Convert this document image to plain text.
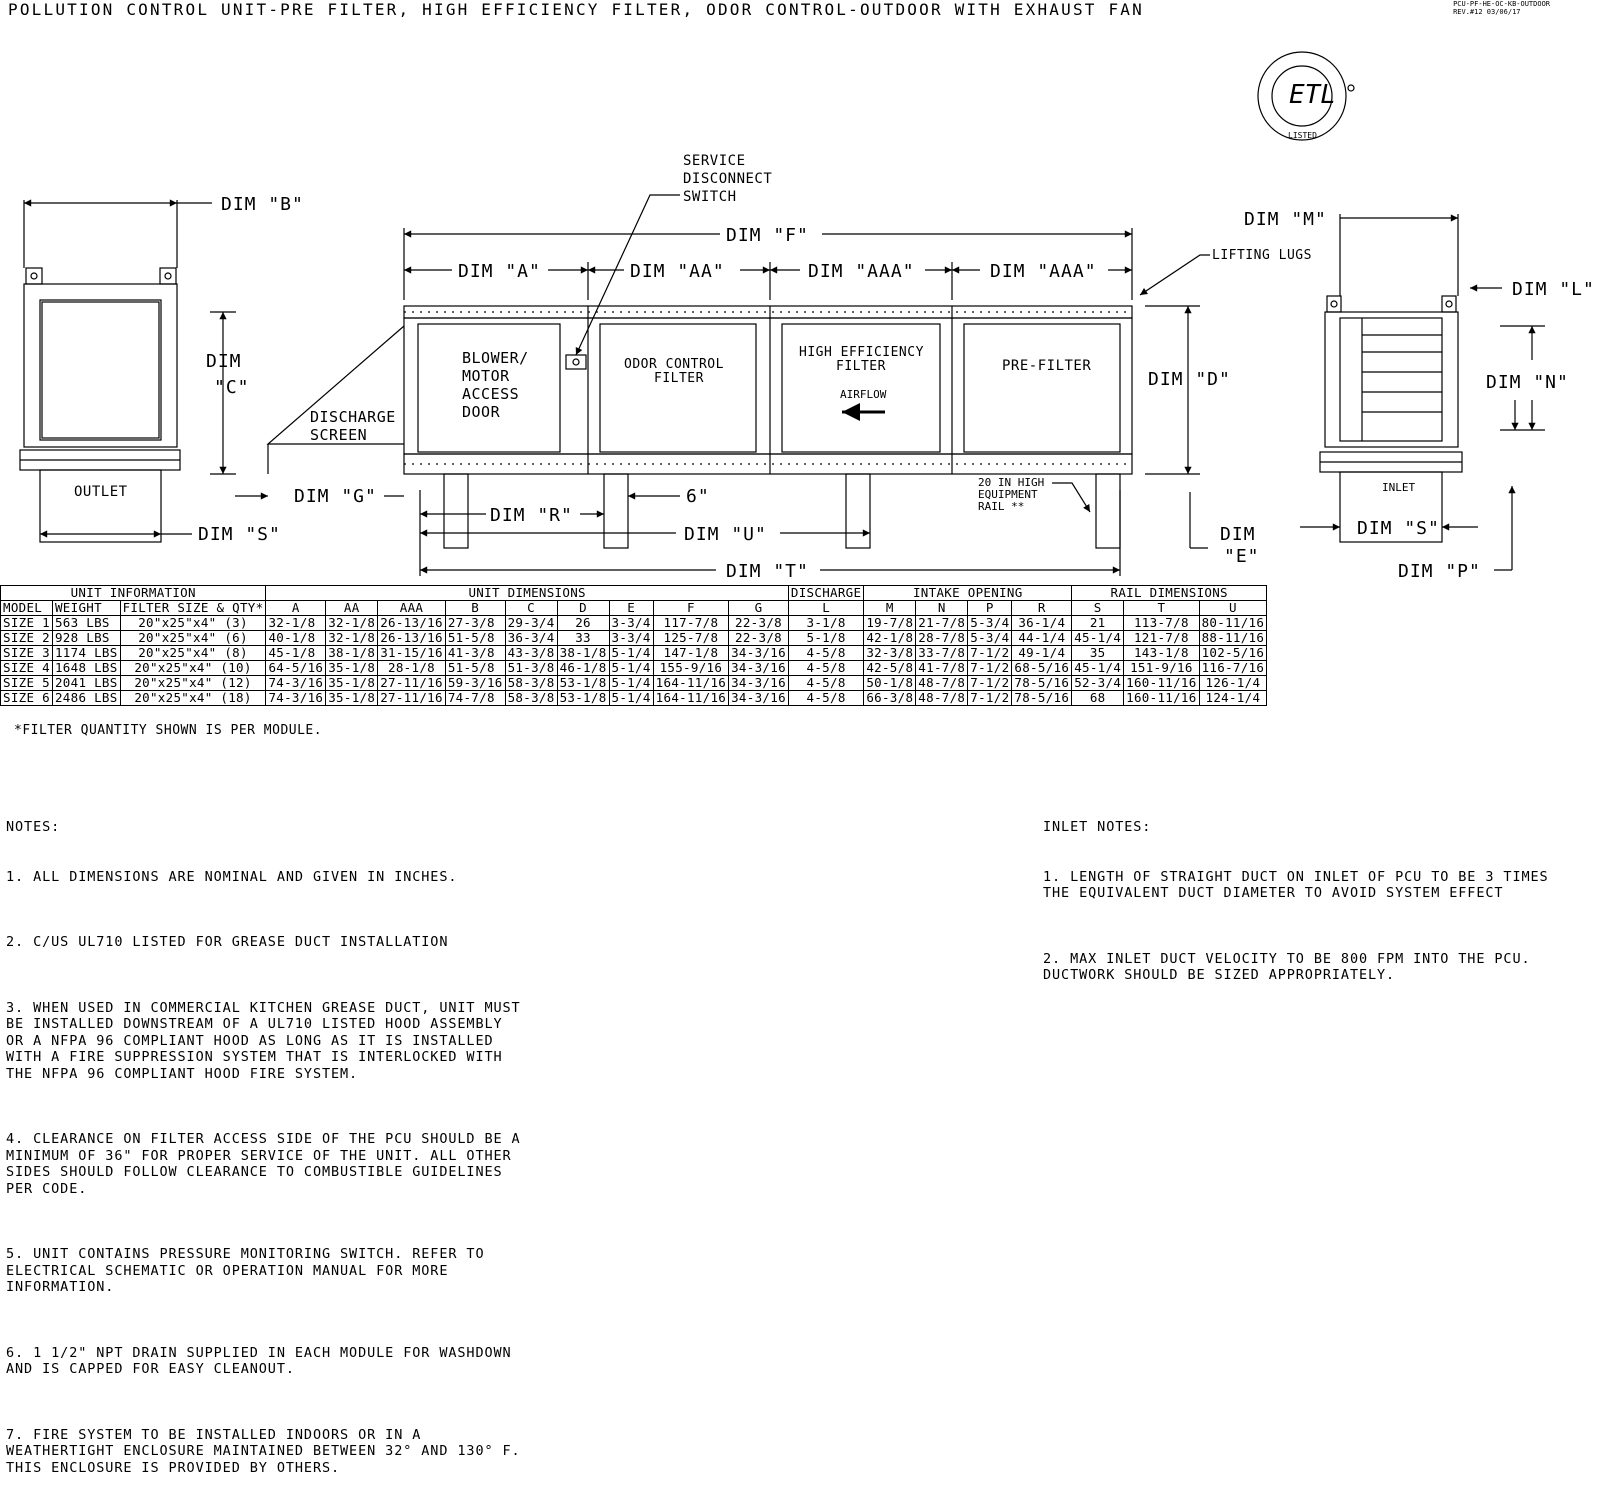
POLLUTION CONTROL UNIT-PRE FILTER, HIGH EFFICIENCY FILTER, ODOR CONTROL-OUTDOOR WITH EXHAUST FAN	PCU-PF-HE-OC-KB-OUTDOOR
REV.#12 03/06/17
ETL
LISTED
DIM "B"
DIM
"C"
DIM "S"
OUTLET
SERVICE
DISCONNECT
SWITCH
DIM "F"
DIM "A"	DIM "AA"	DIM "AAA"	DIM "AAA"
LIFTING LUGS
BLOWER/
MOTOR
ACCESS
DOOR
ODOR CONTROL
FILTER
HIGH EFFICIENCY
FILTER
AIRFLOW
PRE-FILTER
DISCHARGE
SCREEN
DIM "D"
20 IN HIGH
EQUIPMENT
RAIL **
DIM "G"
DIM "R"
6"
DIM "U"
DIM "T"
DIM
"E"
DIM "M"
DIM "L"
DIM "N"
DIM "S"
DIM "P"
INLET
UNIT INFORMATION			UNIT DIMENSIONS									DISCHARGE	INTAKE OPENING				RAIL DIMENSIONS		
MODEL	WEIGHT	FILTER SIZE & QTY*	A	AA	AAA	B	C	D	E	F	G	L	M	N	P	R	S	T	U
SIZE 1	563 LBS	20"x25"x4" (3)	32-1/8	32-1/8	26-13/16	27-3/8	29-3/4	26	3-3/4	117-7/8	22-3/8	3-1/8	19-7/8	21-7/8	5-3/4	36-1/4	21	113-7/8	80-11/16
SIZE 2	928 LBS	20"x25"x4" (6)	40-1/8	32-1/8	26-13/16	51-5/8	36-3/4	33	3-3/4	125-7/8	22-3/8	5-1/8	42-1/8	28-7/8	5-3/4	44-1/4	45-1/4	121-7/8	88-11/16
SIZE 3	1174 LBS	20"x25"x4" (8)	45-1/8	38-1/8	31-15/16	41-3/8	43-3/8	38-1/8	5-1/4	147-1/8	34-3/16	4-5/8	32-3/8	33-7/8	7-1/2	49-1/4	35	143-1/8	102-5/16
SIZE 4	1648 LBS	20"x25"x4" (10)	64-5/16	35-1/8	28-1/8	51-5/8	51-3/8	46-1/8	5-1/4	155-9/16	34-3/16	4-5/8	42-5/8	41-7/8	7-1/2	68-5/16	45-1/4	151-9/16	116-7/16
SIZE 5	2041 LBS	20"x25"x4" (12)	74-3/16	35-1/8	27-11/16	59-3/16	58-3/8	53-1/8	5-1/4	164-11/16	34-3/16	4-5/8	50-1/8	48-7/8	7-1/2	78-5/16	52-3/4	160-11/16	126-1/4
SIZE 6	2486 LBS	20"x25"x4" (18)	74-3/16	35-1/8	27-11/16	74-7/8	58-3/8	53-1/8	5-1/4	164-11/16	34-3/16	4-5/8	66-3/8	48-7/8	7-1/2	78-5/16	68	160-11/16	124-1/4
*FILTER QUANTITY SHOWN IS PER MODULE.

NOTES:

1. ALL DIMENSIONS ARE NOMINAL AND GIVEN IN INCHES.

2. C/US UL710 LISTED FOR GREASE DUCT INSTALLATION

3. WHEN USED IN COMMERCIAL KITCHEN GREASE DUCT, UNIT MUST
BE INSTALLED DOWNSTREAM OF A UL710 LISTED HOOD ASSEMBLY
OR A NFPA 96 COMPLIANT HOOD AS LONG AS IT IS INSTALLED
WITH A FIRE SUPPRESSION SYSTEM THAT IS INTERLOCKED WITH
THE NFPA 96 COMPLIANT HOOD FIRE SYSTEM.

4. CLEARANCE ON FILTER ACCESS SIDE OF THE PCU SHOULD BE A
MINIMUM OF 36" FOR PROPER SERVICE OF THE UNIT. ALL OTHER
SIDES SHOULD FOLLOW CLEARANCE TO COMBUSTIBLE GUIDELINES
PER CODE.

5. UNIT CONTAINS PRESSURE MONITORING SWITCH. REFER TO
ELECTRICAL SCHEMATIC OR OPERATION MANUAL FOR MORE
INFORMATION.

6. 1 1/2" NPT DRAIN SUPPLIED IN EACH MODULE FOR WASHDOWN
AND IS CAPPED FOR EASY CLEANOUT.

7. FIRE SYSTEM TO BE INSTALLED INDOORS OR IN A
WEATHERTIGHT ENCLOSURE MAINTAINED BETWEEN 32° AND 130° F.
THIS ENCLOSURE IS PROVIDED BY OTHERS.

INLET NOTES:

1. LENGTH OF STRAIGHT DUCT ON INLET OF PCU TO BE 3 TIMES
THE EQUIVALENT DUCT DIAMETER TO AVOID SYSTEM EFFECT

2. MAX INLET DUCT VELOCITY TO BE 800 FPM INTO THE PCU.
DUCTWORK SHOULD BE SIZED APPROPRIATELY.
